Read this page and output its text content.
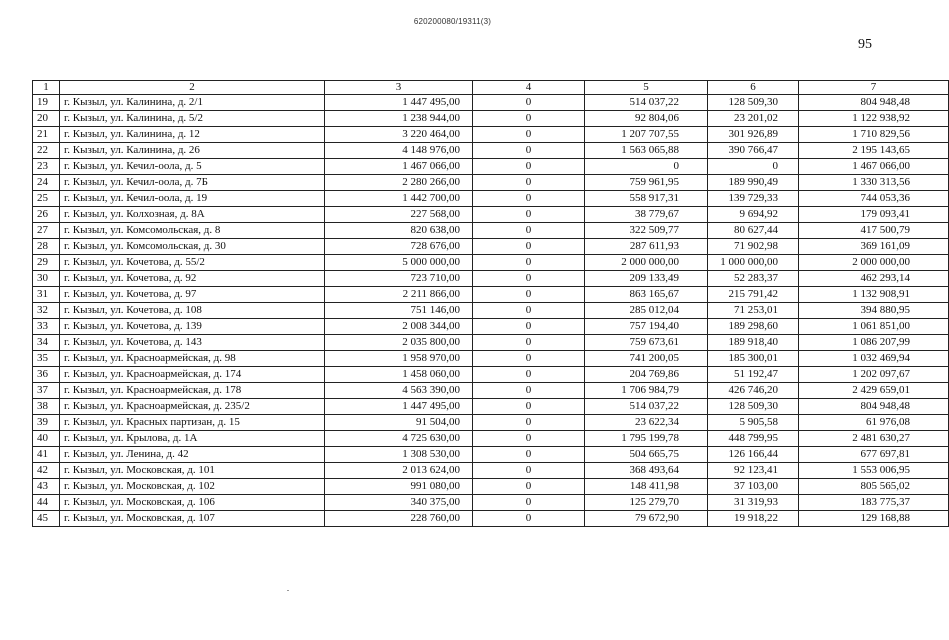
620200080/19311(3)
95
1	2	3	4	5	6	7
19	г. Кызыл, ул. Калинина, д. 2/1	1 447 495,00	0	514 037,22	128 509,30	804 948,48
20	г. Кызыл, ул. Калинина, д. 5/2	1 238 944,00	0	92 804,06	23 201,02	1 122 938,92
21	г. Кызыл, ул. Калинина, д. 12	3 220 464,00	0	1 207 707,55	301 926,89	1 710 829,56
22	г. Кызыл, ул. Калинина, д. 26	4 148 976,00	0	1 563 065,88	390 766,47	2 195 143,65
23	г. Кызыл, ул. Кечил-оола, д. 5	1 467 066,00	0	0	0	1 467 066,00
24	г. Кызыл, ул. Кечил-оола, д. 7Б	2 280 266,00	0	759 961,95	189 990,49	1 330 313,56
25	г. Кызыл, ул. Кечил-оола, д. 19	1 442 700,00	0	558 917,31	139 729,33	744 053,36
26	г. Кызыл, ул. Колхозная, д. 8А	227 568,00	0	38 779,67	9 694,92	179 093,41
27	г. Кызыл, ул. Комсомольская, д. 8	820 638,00	0	322 509,77	80 627,44	417 500,79
28	г. Кызыл, ул. Комсомольская, д. 30	728 676,00	0	287 611,93	71 902,98	369 161,09
29	г. Кызыл, ул. Кочетова, д. 55/2	5 000 000,00	0	2 000 000,00	1 000 000,00	2 000 000,00
30	г. Кызыл, ул. Кочетова, д. 92	723 710,00	0	209 133,49	52 283,37	462 293,14
31	г. Кызыл, ул. Кочетова, д. 97	2 211 866,00	0	863 165,67	215 791,42	1 132 908,91
32	г. Кызыл, ул. Кочетова, д. 108	751 146,00	0	285 012,04	71 253,01	394 880,95
33	г. Кызыл, ул. Кочетова, д. 139	2 008 344,00	0	757 194,40	189 298,60	1 061 851,00
34	г. Кызыл, ул. Кочетова, д. 143	2 035 800,00	0	759 673,61	189 918,40	1 086 207,99
35	г. Кызыл, ул. Красноармейская, д. 98	1 958 970,00	0	741 200,05	185 300,01	1 032 469,94
36	г. Кызыл, ул. Красноармейская, д. 174	1 458 060,00	0	204 769,86	51 192,47	1 202 097,67
37	г. Кызыл, ул. Красноармейская, д. 178	4 563 390,00	0	1 706 984,79	426 746,20	2 429 659,01
38	г. Кызыл, ул. Красноармейская, д. 235/2	1 447 495,00	0	514 037,22	128 509,30	804 948,48
39	г. Кызыл, ул. Красных партизан, д. 15	91 504,00	0	23 622,34	5 905,58	61 976,08
40	г. Кызыл, ул. Крылова, д. 1А	4 725 630,00	0	1 795 199,78	448 799,95	2 481 630,27
41	г. Кызыл, ул. Ленина, д. 42	1 308 530,00	0	504 665,75	126 166,44	677 697,81
42	г. Кызыл, ул. Московская, д. 101	2 013 624,00	0	368 493,64	92 123,41	1 553 006,95
43	г. Кызыл, ул. Московская, д. 102	991 080,00	0	148 411,98	37 103,00	805 565,02
44	г. Кызыл, ул. Московская, д. 106	340 375,00	0	125 279,70	31 319,93	183 775,37
45	г. Кызыл, ул. Московская, д. 107	228 760,00	0	79 672,90	19 918,22	129 168,88
